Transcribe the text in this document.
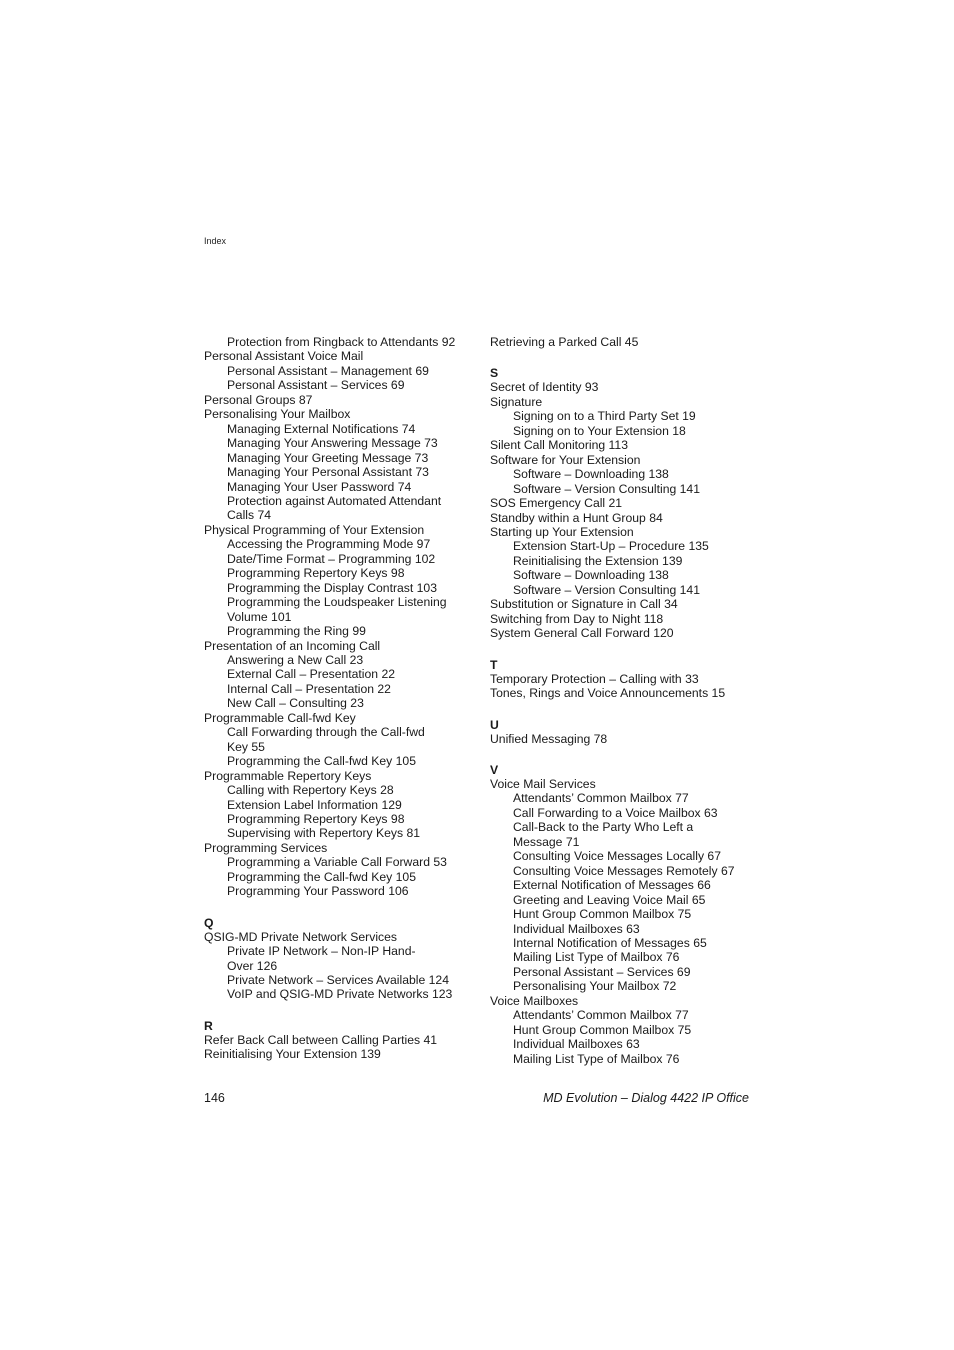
Index
Protection from Ringback to Attendants 92
Personal Assistant Voice Mail
Personal Assistant – Management 69
Personal Assistant – Services 69
Personal Groups 87
Personalising Your Mailbox
Managing External Notifications 74
Managing Your Answering Message 73
Managing Your Greeting Message 73
Managing Your Personal Assistant 73
Managing Your User Password 74
Protection against Automated Attendant
Calls 74
Physical Programming of Your Extension
Accessing the Programming Mode 97
Date/Time Format – Programming 102
Programming Repertory Keys 98
Programming the Display Contrast 103
Programming the Loudspeaker Listening
Volume 101
Programming the Ring 99
Presentation of an Incoming Call
Answering a New Call 23
External Call – Presentation 22
Internal Call – Presentation 22
New Call – Consulting 23
Programmable Call-fwd Key
Call Forwarding through the Call-fwd
Key 55
Programming the Call-fwd Key 105
Programmable Repertory Keys
Calling with Repertory Keys 28
Extension Label Information 129
Programming Repertory Keys 98
Supervising with Repertory Keys 81
Programming Services
Programming a Variable Call Forward 53
Programming the Call-fwd Key 105
Programming Your Password 106
Q
QSIG-MD Private Network Services
Private IP Network – Non-IP Hand-
Over 126
Private Network – Services Available 124
VoIP and QSIG-MD Private Networks 123
R
Refer Back Call between Calling Parties 41
Reinitialising Your Extension 139
Retrieving a Parked Call 45
S
Secret of Identity 93
Signature
Signing on to a Third Party Set 19
Signing on to Your Extension 18
Silent Call Monitoring 113
Software for Your Extension
Software – Downloading 138
Software – Version Consulting 141
SOS Emergency Call 21
Standby within a Hunt Group 84
Starting up Your Extension
Extension Start-Up – Procedure 135
Reinitialising the Extension 139
Software – Downloading 138
Software – Version Consulting 141
Substitution or Signature in Call 34
Switching from Day to Night 118
System General Call Forward 120
T
Temporary Protection – Calling with 33
Tones, Rings and Voice Announcements 15
U
Unified Messaging 78
V
Voice Mail Services
Attendants’ Common Mailbox 77
Call Forwarding to a Voice Mailbox 63
Call-Back to the Party Who Left a
Message 71
Consulting Voice Messages Locally 67
Consulting Voice Messages Remotely 67
External Notification of Messages 66
Greeting and Leaving Voice Mail 65
Hunt Group Common Mailbox 75
Individual Mailboxes 63
Internal Notification of Messages 65
Mailing List Type of Mailbox 76
Personal Assistant – Services 69
Personalising Your Mailbox 72
Voice Mailboxes
Attendants’ Common Mailbox 77
Hunt Group Common Mailbox 75
Individual Mailboxes 63
Mailing List Type of Mailbox 76
146	MD Evolution – Dialog 4422 IP Office
